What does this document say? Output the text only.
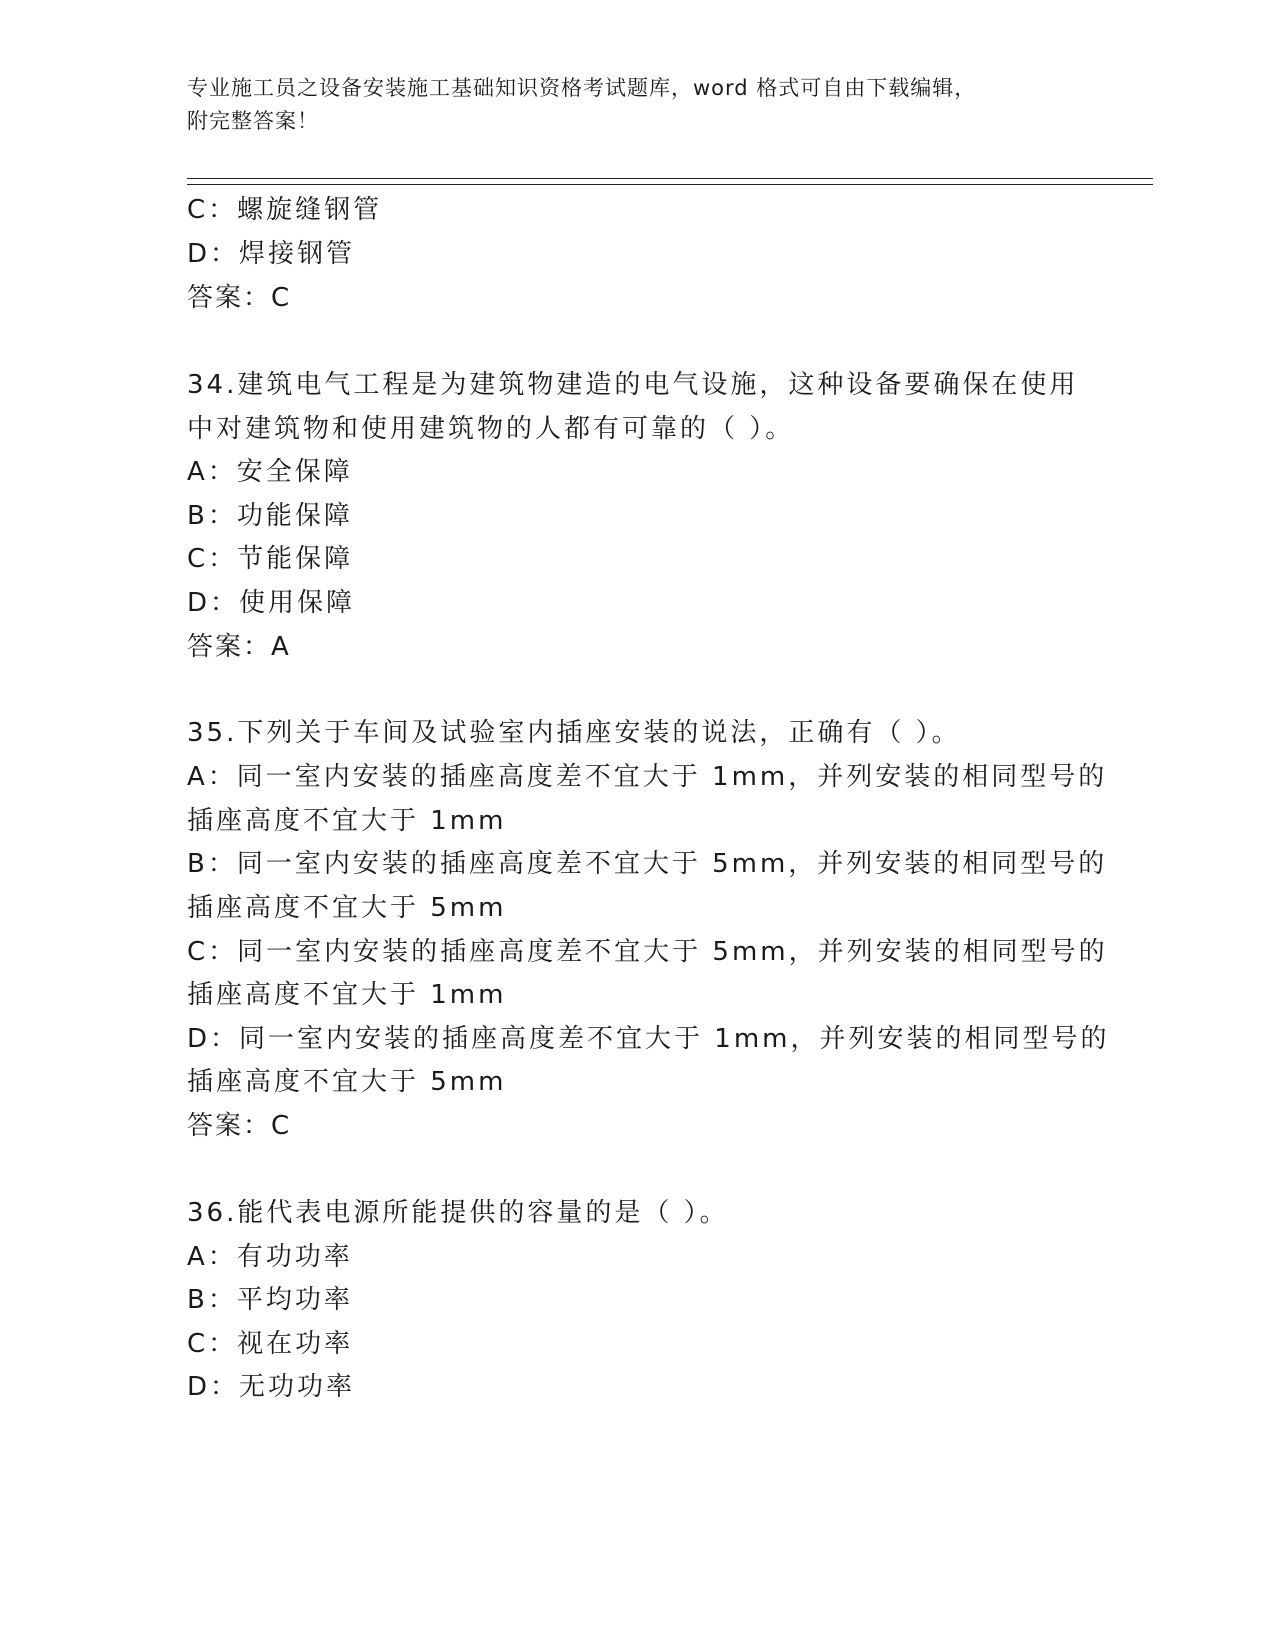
专业施工员之设备安装施工基础知识资格考试题库，word 格式可自由下载编辑，
附完整答案！
C：螺旋缝钢管
D：焊接钢管
答案：C
34.建筑电气工程是为建筑物建造的电气设施，这种设备要确保在使用
中对建筑物和使用建筑物的人都有可靠的（ ）。
A：安全保障
B：功能保障
C：节能保障
D：使用保障
答案：A
35.下列关于车间及试验室内插座安装的说法，正确有（ ）。
A：同一室内安装的插座高度差不宜大于 1mm，并列安装的相同型号的
插座高度不宜大于 1mm
B：同一室内安装的插座高度差不宜大于 5mm，并列安装的相同型号的
插座高度不宜大于 5mm
C：同一室内安装的插座高度差不宜大于 5mm，并列安装的相同型号的
插座高度不宜大于 1mm
D：同一室内安装的插座高度差不宜大于 1mm，并列安装的相同型号的
插座高度不宜大于 5mm
答案：C
36.能代表电源所能提供的容量的是（ ）。
A：有功功率
B：平均功率
C：视在功率
D：无功功率
